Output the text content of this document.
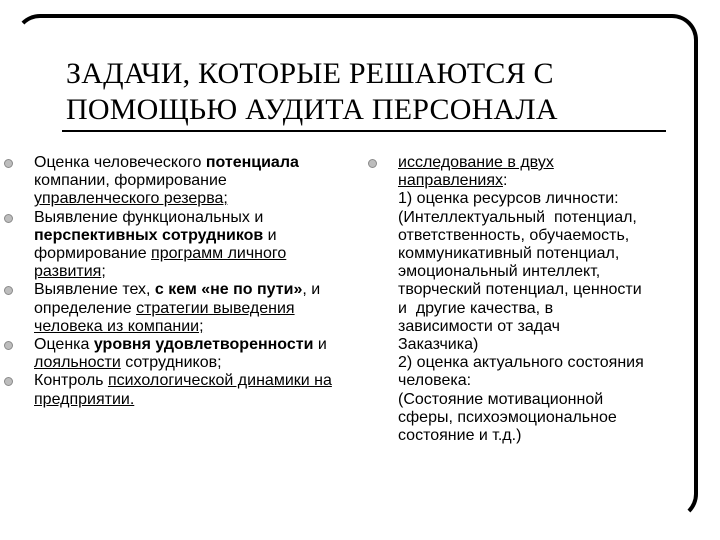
ЗАДАЧИ, КОТОРЫЕ РЕШАЮТСЯ С
ПОМОЩЬЮ АУДИТА ПЕРСОНАЛА
Оценка человеческого потенциала компании, формирование управленческого резерва;
Выявление функциональных и перспективных сотрудников и формирование программ личного развития;
Выявление тех, с кем «не по пути», и определение стратегии выведения человека из компании;
Оценка уровня удовлетворенности и лояльности сотрудников;
Контроль психологической динамики на предприятии.
исследование в двух
направлениях:
1) оценка ресурсов личности:
(Интеллектуальный  потенциал,
ответственность, обучаемость,
коммуникативный потенциал,
эмоциональный интеллект,
творческий потенциал, ценности
и  другие качества, в
зависимости от задач
Заказчика)
2) оценка актуального состояния
человека:
(Состояние мотивационной
сферы, психоэмоциональное
состояние и т.д.)
